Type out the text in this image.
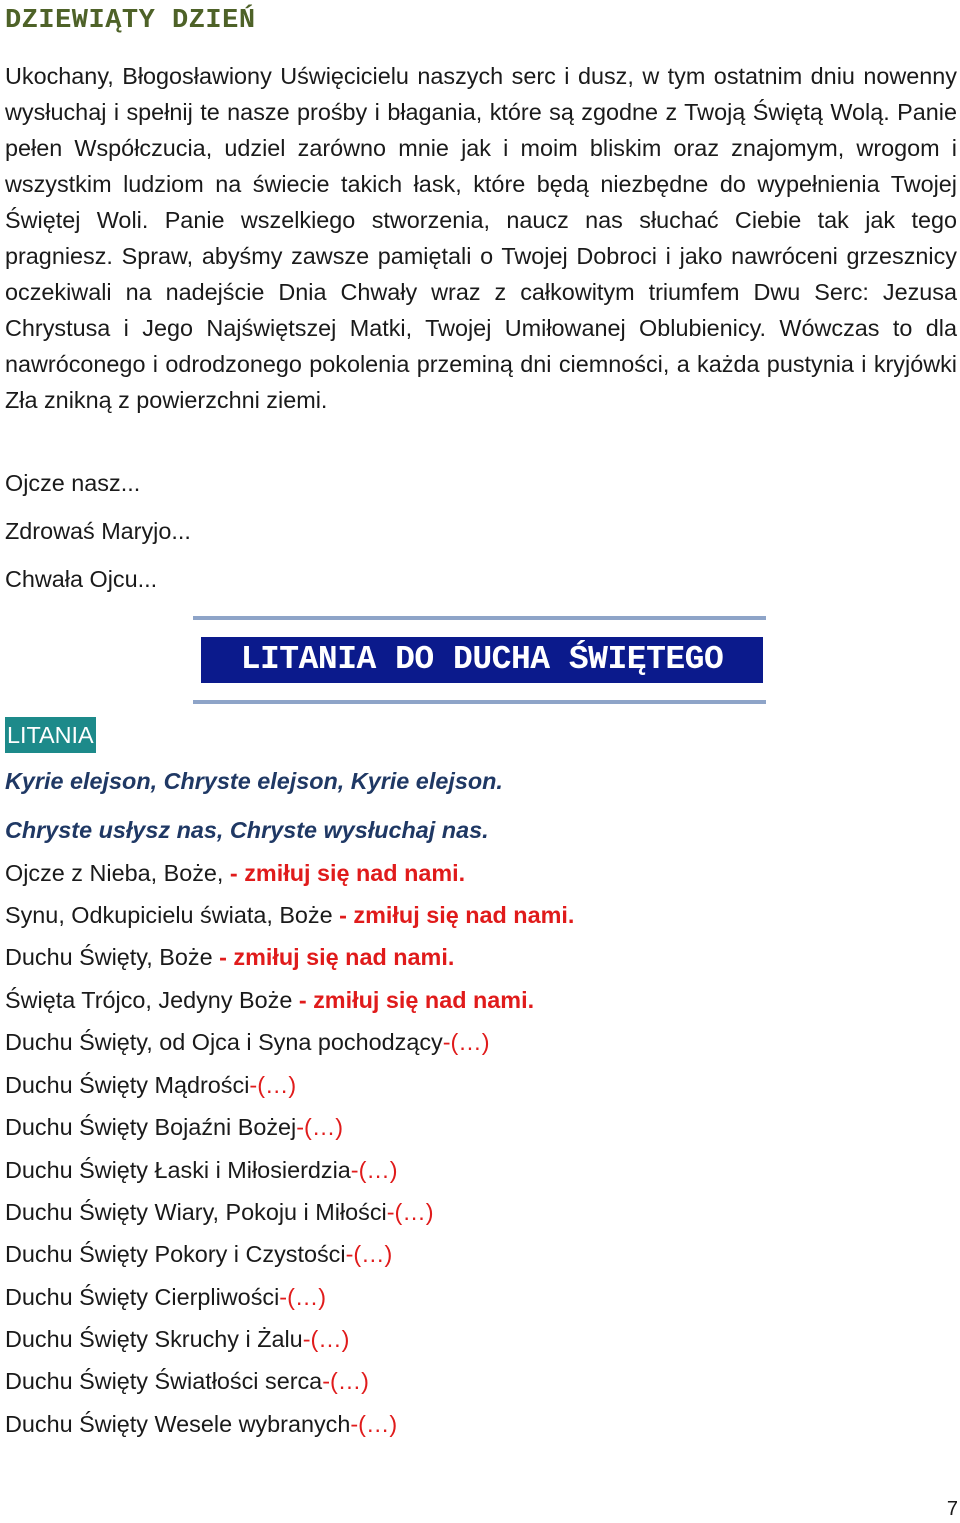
DZIEWIĄTY DZIEŃ

Ukochany, Błogosławiony Uświęcicielu naszych serc i dusz, w tym ostatnim dniu nowenny wysłuchaj i spełnij te nasze prośby i błagania, które są zgodne z Twoją Świętą Wolą. Panie pełen Współczucia, udziel zarówno mnie jak i moim bliskim oraz znajomym, wrogom i wszystkim ludziom na świecie takich łask, które będą niezbędne do wypełnienia Twojej Świętej Woli. Panie wszelkiego stworzenia, naucz nas słuchać Ciebie tak jak tego pragniesz. Spraw, abyśmy zawsze pamiętali o Twojej Dobroci i jako nawróceni grzesznicy oczekiwali na nadejście Dnia Chwały wraz z całkowitym triumfem Dwu Serc: Jezusa Chrystusa i Jego Najświętszej Matki, Twojej Umiłowanej Oblubienicy. Wówczas to dla nawróconego i odrodzonego pokolenia przeminą dni ciemności, a każda pustynia i kryjówki Zła znikną z powierzchni ziemi.

Ojcze nasz...
Zdrowaś Maryjo...
Chwała Ojcu...
LITANIA DO DUCHA ŚWIĘTEGO
LITANIA
Kyrie elejson, Chryste elejson, Kyrie elejson.
Chryste usłysz nas, Chryste wysłuchaj nas.
Ojcze z Nieba, Boże, - zmiłuj się nad nami.
Synu, Odkupicielu świata, Boże - zmiłuj się nad nami.
Duchu Święty, Boże - zmiłuj się nad nami.
Święta Trójco, Jedyny Boże - zmiłuj się nad nami.
Duchu Święty, od Ojca i Syna pochodzący-(…)
Duchu Święty Mądrości-(…)
Duchu Święty Bojaźni Bożej-(…)
Duchu Święty Łaski i Miłosierdzia-(…)
Duchu Święty Wiary, Pokoju i Miłości-(…)
Duchu Święty Pokory i Czystości-(…)
Duchu Święty Cierpliwości-(…)
Duchu Święty Skruchy i Żalu-(…)
Duchu Święty Światłości serca-(…)
Duchu Święty Wesele wybranych-(…)
7
